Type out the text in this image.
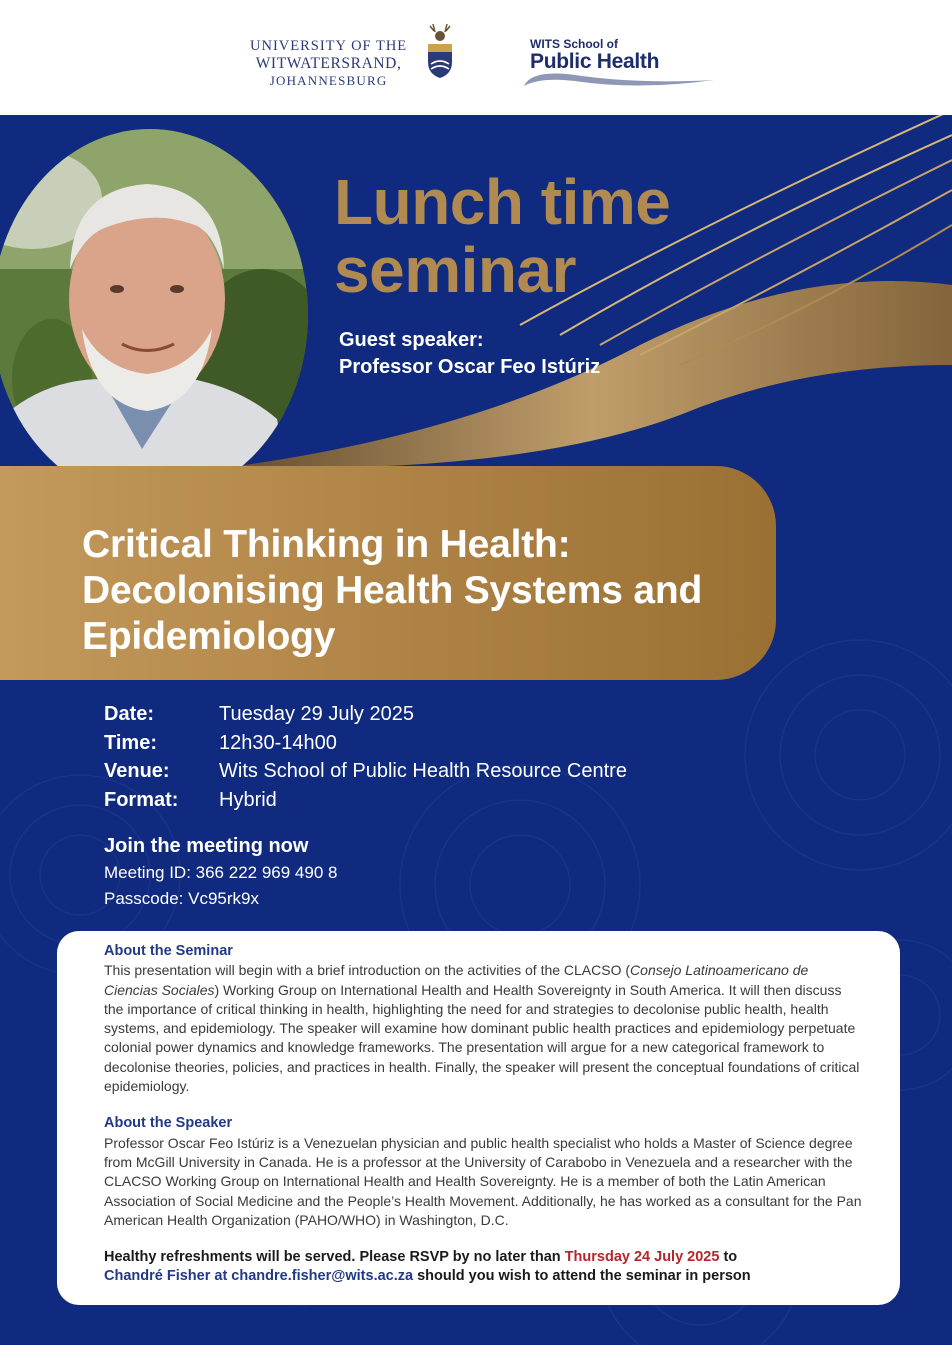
UNIVERSITY OF THE
WITWATERSRAND,
JOHANNESBURG
WITS School of
Public Health
Lunch time
seminar
Guest speaker:
Professor Oscar Feo Istúriz
Critical Thinking in Health:
Decolonising Health Systems and
Epidemiology
Date:	Tuesday 29 July 2025
Time:	12h30-14h00
Venue: Wits School of Public Health Resource Centre
Format: Hybrid
Join the meeting now
Meeting ID: 366 222 969 490 8
Passcode: Vc95rk9x
About the Seminar

This presentation will begin with a brief introduction on the activities of the CLACSO (Consejo Latinoamericano de Ciencias Sociales) Working Group on International Health and Health Sovereignty in South America. It will then discuss the importance of critical thinking in health, highlighting the need for and strategies to decolonise public health, health systems, and epidemiology. The speaker will examine how dominant public health practices and epidemiology perpetuate colonial power dynamics and knowledge frameworks. The presentation will argue for a new categorical framework to decolonise theories, policies, and practices in health. Finally, the speaker will present the conceptual foundations of critical epidemiology.

About the Speaker

Professor Oscar Feo Istúriz is a Venezuelan physician and public health specialist who holds a Master of Science degree from McGill University in Canada. He is a professor at the University of Carabobo in Venezuela and a researcher with the CLACSO Working Group on International Health and Health Sovereignty. He is a member of both the Latin American Association of Social Medicine and the People’s Health Movement. Additionally, he has worked as a consultant for the Pan American Health Organization (PAHO/WHO) in Washington, D.C.

Healthy refreshments will be served. Please RSVP by no later than Thursday 24 July 2025 to
Chandré Fisher at chandre.fisher@wits.ac.za should you wish to attend the seminar in person
